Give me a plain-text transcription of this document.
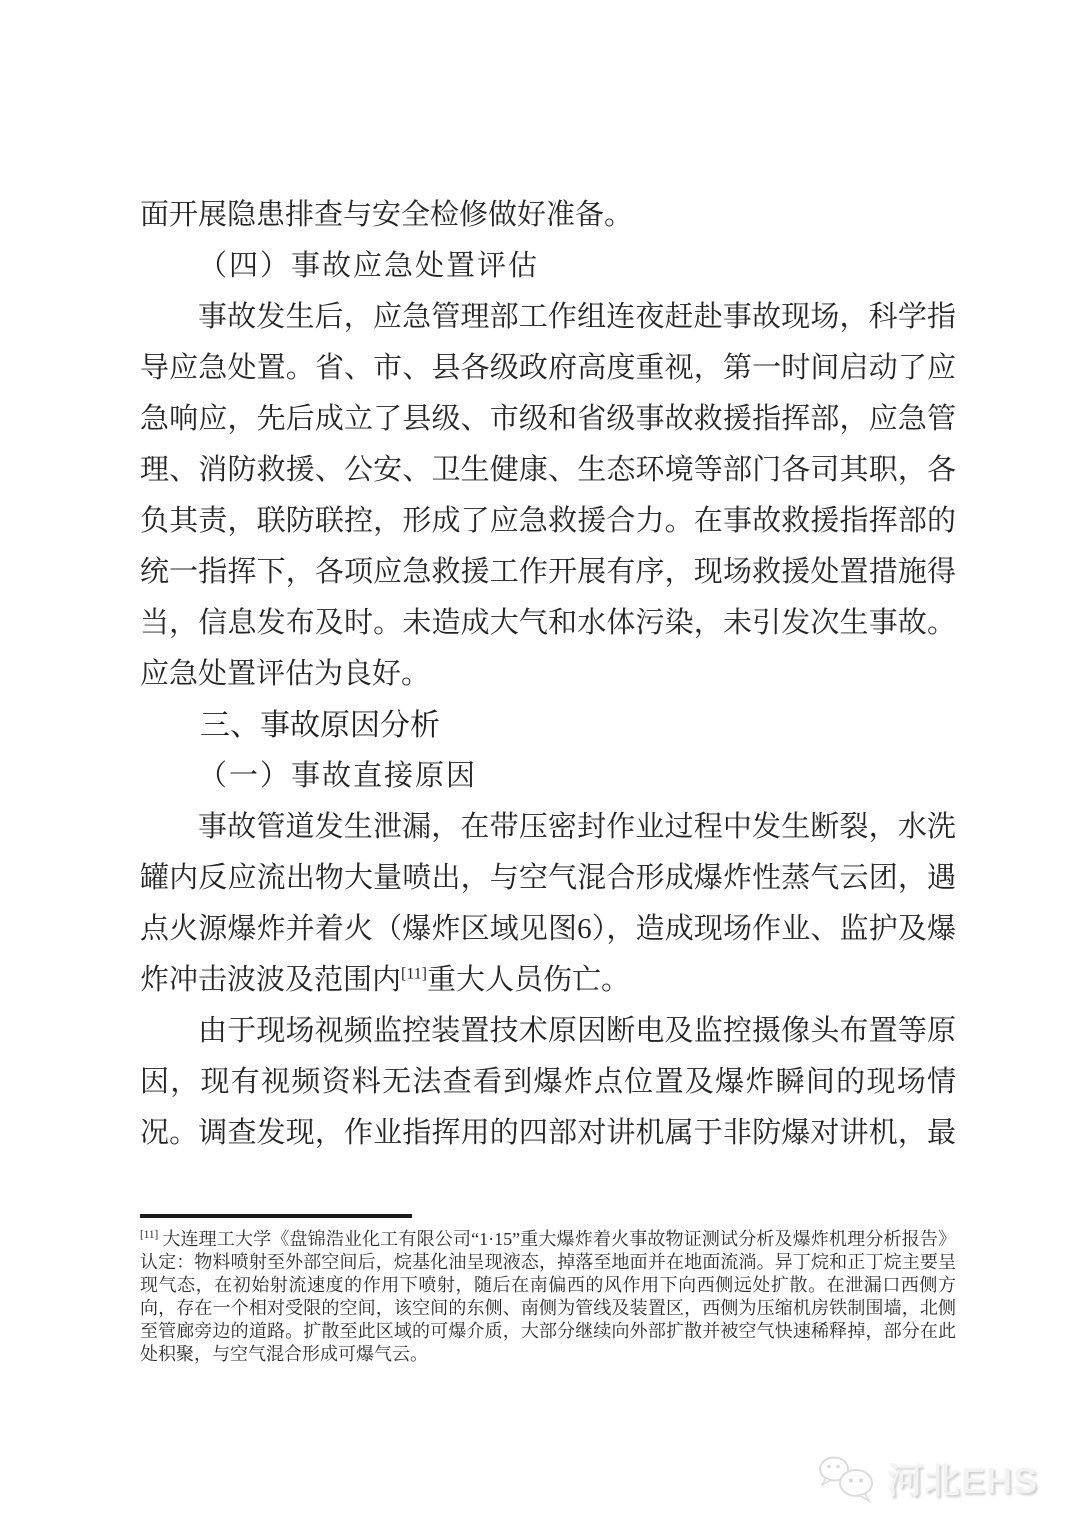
面开展隐患排查与安全检修做好准备。

（四）事故应急处置评估

事故发生后，应急管理部工作组连夜赶赴事故现场，科学指导应急处置。省、市、县各级政府高度重视，第一时间启动了应急响应，先后成立了县级、市级和省级事故救援指挥部，应急管理、消防救援、公安、卫生健康、生态环境等部门各司其职，各负其责，联防联控，形成了应急救援合力。在事故救援指挥部的统一指挥下，各项应急救援工作开展有序，现场救援处置措施得当，信息发布及时。未造成大气和水体污染，未引发次生事故。应急处置评估为良好。

三、事故原因分析

（一）事故直接原因

事故管道发生泄漏，在带压密封作业过程中发生断裂，水洗罐内反应流出物大量喷出，与空气混合形成爆炸性蒸气云团，遇点火源爆炸并着火（爆炸区域见图6），造成现场作业、监护及爆炸冲击波波及范围内[11]重大人员伤亡。

由于现场视频监控装置技术原因断电及监控摄像头布置等原因，现有视频资料无法查看到爆炸点位置及爆炸瞬间的现场情况。调查发现，作业指挥用的四部对讲机属于非防爆对讲机，最

[11] 大连理工大学《盘锦浩业化工有限公司“1·15”重大爆炸着火事故物证测试分析及爆炸机理分析报告》认定：物料喷射至外部空间后，烷基化油呈现液态，掉落至地面并在地面流淌。异丁烷和正丁烷主要呈现气态，在初始射流速度的作用下喷射，随后在南偏西的风作用下向西侧远处扩散。在泄漏口西侧方向，存在一个相对受限的空间，该空间的东侧、南侧为管线及装置区，西侧为压缩机房铁制围墙，北侧至管廊旁边的道路。扩散至此区域的可爆介质，大部分继续向外部扩散并被空气快速稀释掉，部分在此处积聚，与空气混合形成可爆气云。

河北EHS
